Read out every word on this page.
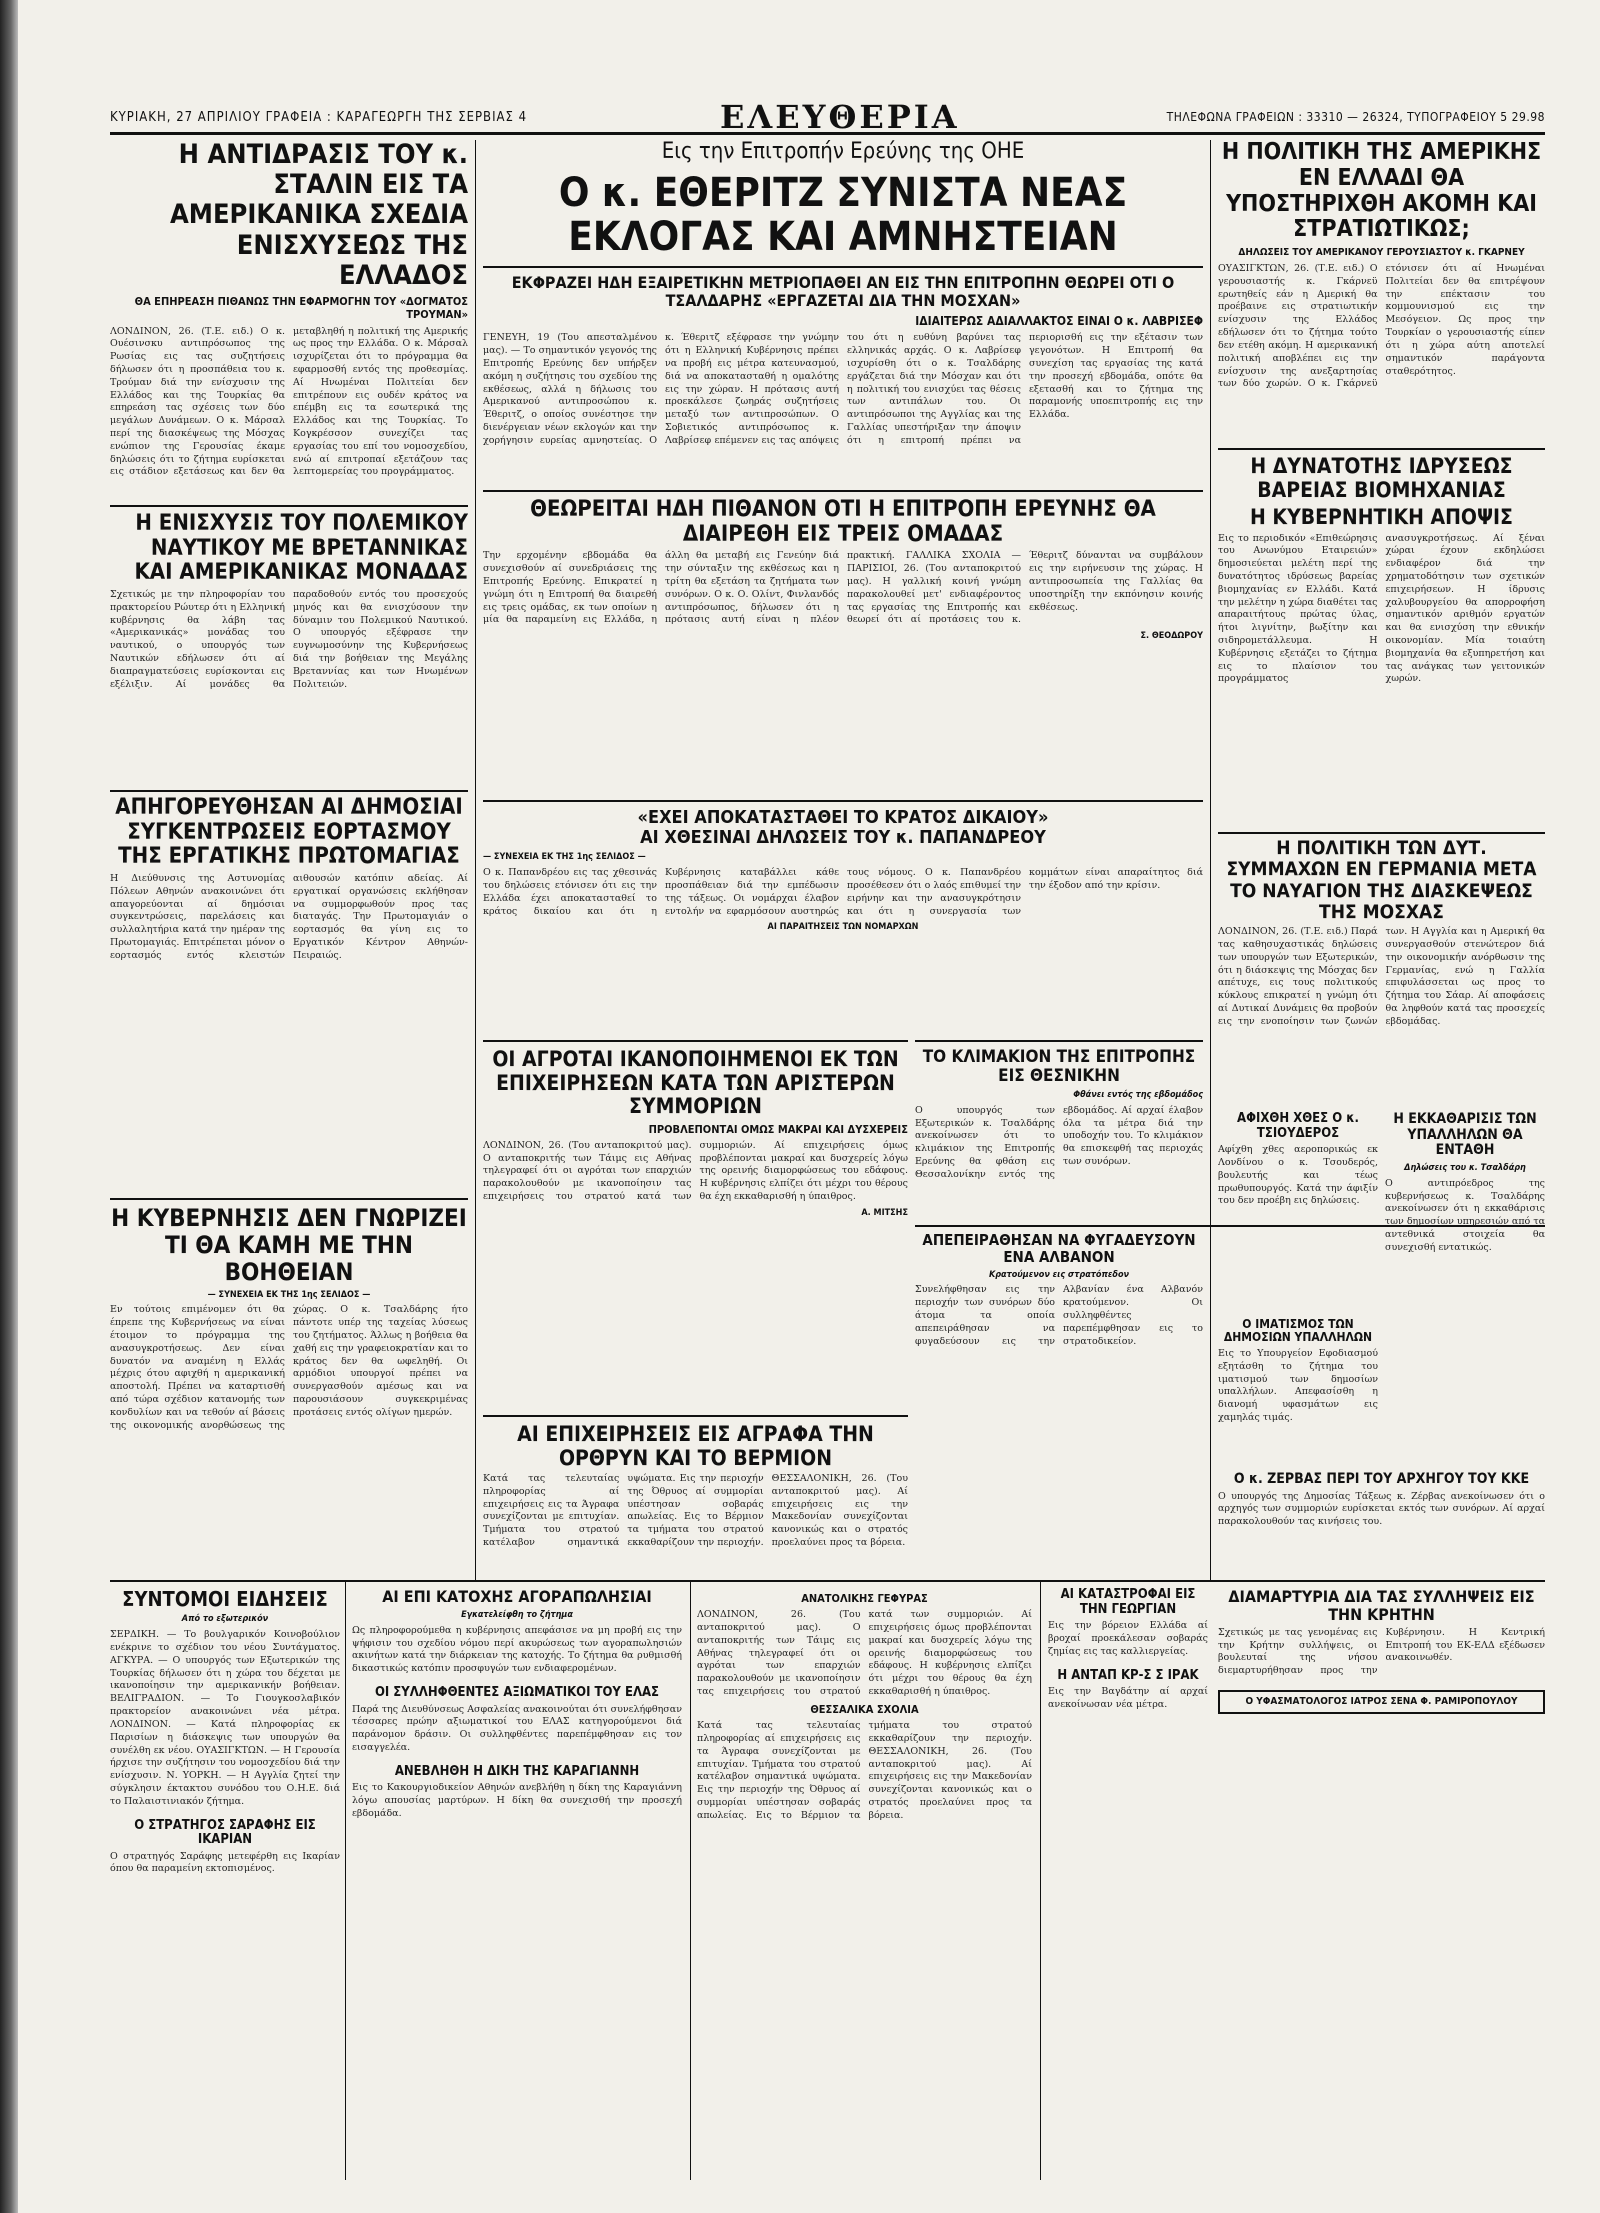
ΚΥΡΙΑΚΗ, 27 ΑΠΡΙΛΙΟΥ ΓΡΑΦΕΙΑ : ΚΑΡΑΓΕΩΡΓΗ ΤΗΣ ΣΕΡΒΙΑΣ 4	ΕΛΕΥΘΕΡΙΑ	ΤΗΛΕΦΩΝΑ ΓΡΑΦΕΙΩΝ : 33310 — 26324, ΤΥΠΟΓΡΑΦΕΙΟΥ 5 29.98

Η ΑΝΤΙΔΡΑΣΙΣ ΤΟΥ κ. ΣΤΑΛΙΝ ΕΙΣ ΤΑ ΑΜΕΡΙΚΑΝΙΚΑ ΣΧΕΔΙΑ ΕΝΙΣΧΥΣΕΩΣ ΤΗΣ ΕΛΛΑΔΟΣ

ΘΑ ΕΠΗΡΕΑΣΗ ΠΙΘΑΝΩΣ ΤΗΝ ΕΦΑΡΜΟΓΗΝ ΤΟΥ «ΔΟΓΜΑΤΟΣ ΤΡΟΥΜΑΝ»

ΛΟΝΔΙΝΟΝ, 26. (Τ.Ε. ειδ.) Ο κ. Ουέσινσκυ αντιπρόσωπος της Ρωσίας εις τας συζητήσεις δήλωσεν ότι η προσπάθεια του κ. Τρούμαν διά την ενίσχυσιν της Ελλάδος και της Τουρκίας θα επηρεάση τας σχέσεις των δύο μεγάλων Δυνάμεων. Ο κ. Μάρσαλ περί της διασκέψεως της Μόσχας ενώπιον της Γερουσίας έκαμε δηλώσεις ότι το ζήτημα ευρίσκεται εις στάδιον εξετάσεως και δεν θα μεταβληθή η πολιτική της Αμερικής ως προς την Ελλάδα. Ο κ. Μάρσαλ ισχυρίζεται ότι το πρόγραμμα θα εφαρμοσθή εντός της προθεσμίας. Αί Ηνωμέναι Πολιτείαι δεν επιτρέπουν εις ουδέν κράτος να επέμβη εις τα εσωτερικά της Ελλάδος και της Τουρκίας. Το Κογκρέσσον συνεχίζει τας εργασίας του επί του νομοσχεδίου, ενώ αί επιτροπαί εξετάζουν τας λεπτομερείας του προγράμματος.

Η ΕΝΙΣΧΥΣΙΣ ΤΟΥ ΠΟΛΕΜΙΚΟΥ ΝΑΥΤΙΚΟΥ ΜΕ ΒΡΕΤΑΝΝΙΚΑΣ ΚΑΙ ΑΜΕΡΙΚΑΝΙΚΑΣ ΜΟΝΑΔΑΣ

Σχετικώς με την πληροφορίαν του πρακτορείου Ρώυτερ ότι η Ελληνική κυβέρνησις θα λάβη τας «Αμερικανικάς» μονάδας του ναυτικού, ο υπουργός των Ναυτικών εδήλωσεν ότι αί διαπραγματεύσεις ευρίσκονται εις εξέλιξιν. Αί μονάδες θα παραδοθούν εντός του προσεχούς μηνός και θα ενισχύσουν την δύναμιν του Πολεμικού Ναυτικού. Ο υπουργός εξέφρασε την ευγνωμοσύνην της Κυβερνήσεως διά την βοήθειαν της Μεγάλης Βρεταννίας και των Ηνωμένων Πολιτειών.

ΑΠΗΓΟΡΕΥΘΗΣΑΝ ΑΙ ΔΗΜΟΣΙΑΙ ΣΥΓΚΕΝΤΡΩΣΕΙΣ ΕΟΡΤΑΣΜΟΥ ΤΗΣ ΕΡΓΑΤΙΚΗΣ ΠΡΩΤΟΜΑΓΙΑΣ

Η Διεύθυνσις της Αστυνομίας Πόλεων Αθηνών ανακοινώνει ότι απαγορεύονται αί δημόσιαι συγκεντρώσεις, παρελάσεις και συλλαλητήρια κατά την ημέραν της Πρωτομαγιάς. Επιτρέπεται μόνον ο εορτασμός εντός κλειστών αιθουσών κατόπιν αδείας. Αί εργατικαί οργανώσεις εκλήθησαν να συμμορφωθούν προς τας διαταγάς. Την Πρωτομαγιάν ο εορτασμός θα γίνη εις το Εργατικόν Κέντρον Αθηνών-Πειραιώς.

Η ΚΥΒΕΡΝΗΣΙΣ ΔΕΝ ΓΝΩΡΙΖΕΙ ΤΙ ΘΑ ΚΑΜΗ ΜΕ ΤΗΝ ΒΟΗΘΕΙΑΝ

— ΣΥΝΕΧΕΙΑ ΕΚ ΤΗΣ 1ης ΣΕΛΙΔΟΣ —

Εν τούτοις επιμένομεν ότι θα έπρεπε της Κυβερνήσεως να είναι έτοιμον το πρόγραμμα της ανασυγκροτήσεως. Δεν είναι δυνατόν να αναμένη η Ελλάς μέχρις ότου αφιχθή η αμερικανική αποστολή. Πρέπει να καταρτισθή από τώρα σχέδιον κατανομής των κονδυλίων και να τεθούν αί βάσεις της οικονομικής ανορθώσεως της χώρας. Ο κ. Τσαλδάρης ήτο πάντοτε υπέρ της ταχείας λύσεως του ζητήματος. Άλλως η βοήθεια θα χαθή εις την γραφειοκρατίαν και το κράτος δεν θα ωφεληθή. Οι αρμόδιοι υπουργοί πρέπει να συνεργασθούν αμέσως και να παρουσιάσουν συγκεκριμένας προτάσεις εντός ολίγων ημερών.

Εις την Επιτροπήν Ερεύνης της ΟΗΕ

Ο κ. ΕΘΕΡΙΤΖ ΣΥΝΙΣΤΑ ΝΕΑΣ ΕΚΛΟΓΑΣ ΚΑΙ ΑΜΝΗΣΤΕΙΑΝ

ΕΚΦΡΑΖΕΙ ΗΔΗ ΕΞΑΙΡΕΤΙΚΗΝ ΜΕΤΡΙΟΠΑΘΕΙ ΑΝ ΕΙΣ ΤΗΝ ΕΠΙΤΡΟΠΗΝ ΘΕΩΡΕΙ ΟΤΙ Ο ΤΣΑΛΔΑΡΗΣ «ΕΡΓΑΖΕΤΑΙ ΔΙΑ ΤΗΝ ΜΟΣΧΑΝ»

ΙΔΙΑΙΤΕΡΩΣ ΑΔΙΑΛΛΑΚΤΟΣ ΕΙΝΑΙ Ο κ. ΛΑΒΡΙΣΕΦ

ΓΕΝΕΥΗ, 19 (Του απεσταλμένου μας). — Το σημαντικόν γεγονός της Επιτροπής Ερεύνης δεν υπήρξεν ακόμη η συζήτησις του σχεδίου της εκθέσεως, αλλά η δήλωσις του Αμερικανού αντιπροσώπου κ. Έθεριτζ, ο οποίος συνέστησε την διενέργειαν νέων εκλογών και την χορήγησιν ευρείας αμνηστείας. Ο κ. Έθεριτζ εξέφρασε την γνώμην ότι η Ελληνική Κυβέρνησις πρέπει να προβή εις μέτρα κατευνασμού, διά να αποκατασταθή η ομαλότης εις την χώραν. Η πρότασις αυτή προεκάλεσε ζωηράς συζητήσεις μεταξύ των αντιπροσώπων. Ο Σοβιετικός αντιπρόσωπος κ. Λαβρίσεφ επέμενεν εις τας απόψεις του ότι η ευθύνη βαρύνει τας ελληνικάς αρχάς. Ο κ. Λαβρίσεφ ισχυρίσθη ότι ο κ. Τσαλδάρης εργάζεται διά την Μόσχαν και ότι η πολιτική του ενισχύει τας θέσεις των αντιπάλων του. Οι αντιπρόσωποι της Αγγλίας και της Γαλλίας υπεστήριξαν την άποψιν ότι η επιτροπή πρέπει να περιορισθή εις την εξέτασιν των γεγονότων. Η Επιτροπή θα συνεχίση τας εργασίας της κατά την προσεχή εβδομάδα, οπότε θα εξετασθή και το ζήτημα της παραμονής υποεπιτροπής εις την Ελλάδα.

ΘΕΩΡΕΙΤΑΙ ΗΔΗ ΠΙΘΑΝΟΝ ΟΤΙ Η ΕΠΙΤΡΟΠΗ ΕΡΕΥΝΗΣ ΘΑ ΔΙΑΙΡΕΘΗ ΕΙΣ ΤΡΕΙΣ ΟΜΑΔΑΣ

Την ερχομένην εβδομάδα θα συνεχισθούν αί συνεδριάσεις της Επιτροπής Ερεύνης. Επικρατεί η γνώμη ότι η Επιτροπή θα διαιρεθή εις τρεις ομάδας, εκ των οποίων η μία θα παραμείνη εις Ελλάδα, η άλλη θα μεταβή εις Γενεύην διά την σύνταξιν της εκθέσεως και η τρίτη θα εξετάση τα ζητήματα των συνόρων. Ο κ. Ο. Ολίντ, Φινλανδός αντιπρόσωπος, δήλωσεν ότι η πρότασις αυτή είναι η πλέον πρακτική. ΓΑΛΛΙΚΑ ΣΧΟΛΙΑ — ΠΑΡΙΣΙΟΙ, 26. (Του ανταποκριτού μας). Η γαλλική κοινή γνώμη παρακολουθεί μετ' ενδιαφέροντος τας εργασίας της Επιτροπής και θεωρεί ότι αί προτάσεις του κ. Έθεριτζ δύνανται να συμβάλουν εις την ειρήνευσιν της χώρας. Η αντιπροσωπεία της Γαλλίας θα υποστηρίξη την εκπόνησιν κοινής εκθέσεως.

Σ. ΘΕΟΔΩΡΟΥ

«ΕΧΕΙ ΑΠΟΚΑΤΑΣΤΑΘΕΙ ΤΟ ΚΡΑΤΟΣ ΔΙΚΑΙΟΥ»

ΑΙ ΧΘΕΣΙΝΑΙ ΔΗΛΩΣΕΙΣ ΤΟΥ κ. ΠΑΠΑΝΔΡΕΟΥ

— ΣΥΝΕΧΕΙΑ ΕΚ ΤΗΣ 1ης ΣΕΛΙΔΟΣ —

Ο κ. Παπανδρέου εις τας χθεσινάς του δηλώσεις ετόνισεν ότι εις την Ελλάδα έχει αποκατασταθεί το κράτος δικαίου και ότι η Κυβέρνησις καταβάλλει κάθε προσπάθειαν διά την εμπέδωσιν της τάξεως. Οι νομάρχαι έλαβον εντολήν να εφαρμόσουν αυστηρώς τους νόμους. Ο κ. Παπανδρέου προσέθεσεν ότι ο λαός επιθυμεί την ειρήνην και την ανασυγκρότησιν και ότι η συνεργασία των κομμάτων είναι απαραίτητος διά την έξοδον από την κρίσιν.

ΑΙ ΠΑΡΑΙΤΗΣΕΙΣ ΤΩΝ ΝΟΜΑΡΧΩΝ

ΟΙ ΑΓΡΟΤΑΙ ΙΚΑΝΟΠΟΙΗΜΕΝΟΙ ΕΚ ΤΩΝ ΕΠΙΧΕΙΡΗΣΕΩΝ ΚΑΤΑ ΤΩΝ ΑΡΙΣΤΕΡΩΝ ΣΥΜΜΟΡΙΩΝ

ΠΡΟΒΛΕΠΟΝΤΑΙ ΟΜΩΣ ΜΑΚΡΑΙ ΚΑΙ ΔΥΣΧΕΡΕΙΣ

ΛΟΝΔΙΝΟΝ, 26. (Του ανταποκριτού μας). Ο ανταποκριτής των Τάιμς εις Αθήνας τηλεγραφεί ότι οι αγρόται των επαρχιών παρακολουθούν με ικανοποίησιν τας επιχειρήσεις του στρατού κατά των συμμοριών. Αί επιχειρήσεις όμως προβλέπονται μακραί και δυσχερείς λόγω της ορεινής διαμορφώσεως του εδάφους. Η κυβέρνησις ελπίζει ότι μέχρι του θέρους θα έχη εκκαθαρισθή η ύπαιθρος.

Α. ΜΙΤΣΗΣ

ΤΟ ΚΛΙΜΑΚΙΟΝ ΤΗΣ ΕΠΙΤΡΟΠΗΣ ΕΙΣ ΘΕΣΝΙΚΗΝ

Φθάνει εντός της εβδομάδος

Ο υπουργός των Εξωτερικών κ. Τσαλδάρης ανεκοίνωσεν ότι το κλιμάκιον της Επιτροπής Ερεύνης θα φθάση εις Θεσσαλονίκην εντός της εβδομάδος. Αί αρχαί έλαβον όλα τα μέτρα διά την υποδοχήν του. Το κλιμάκιον θα επισκεφθή τας περιοχάς των συνόρων.

Η ΠΟΛΙΤΙΚΗ ΤΗΣ ΑΜΕΡΙΚΗΣ ΕΝ ΕΛΛΑΔΙ ΘΑ ΥΠΟΣΤΗΡΙΧΘΗ ΑΚΟΜΗ ΚΑΙ ΣΤΡΑΤΙΩΤΙΚΩΣ;

ΔΗΛΩΣΕΙΣ ΤΟΥ ΑΜΕΡΙΚΑΝΟΥ ΓΕΡΟΥΣΙΑΣΤΟΥ κ. ΓΚΑΡΝΕΥ

ΟΥΑΣΙΓΚΤΩΝ, 26. (Τ.Ε. ειδ.) Ο γερουσιαστής κ. Γκάρνεϋ ερωτηθείς εάν η Αμερική θα προέβαινε εις στρατιωτικήν ενίσχυσιν της Ελλάδος εδήλωσεν ότι το ζήτημα τούτο δεν ετέθη ακόμη. Η αμερικανική πολιτική αποβλέπει εις την ενίσχυσιν της ανεξαρτησίας των δύο χωρών. Ο κ. Γκάρνεϋ ετόνισεν ότι αί Ηνωμέναι Πολιτείαι δεν θα επιτρέψουν την επέκτασιν του κομμουνισμού εις την Μεσόγειον. Ως προς την Τουρκίαν ο γερουσιαστής είπεν ότι η χώρα αύτη αποτελεί σημαντικόν παράγοντα σταθερότητος.

Η ΔΥΝΑΤΟΤΗΣ ΙΔΡΥΣΕΩΣ ΒΑΡΕΙΑΣ ΒΙΟΜΗΧΑΝΙΑΣ

Η ΚΥΒΕΡΝΗΤΙΚΗ ΑΠΟΨΙΣ

Εις το περιοδικόν «Επιθεώρησις του Ανωνύμου Εταιρειών» δημοσιεύεται μελέτη περί της δυνατότητος ιδρύσεως βαρείας βιομηχανίας εν Ελλάδι. Κατά την μελέτην η χώρα διαθέτει τας απαραιτήτους πρώτας ύλας, ήτοι λιγνίτην, βωξίτην και σιδηρομετάλλευμα. Η Κυβέρνησις εξετάζει το ζήτημα εις το πλαίσιον του προγράμματος ανασυγκροτήσεως. Αί ξέναι χώραι έχουν εκδηλώσει ενδιαφέρον διά την χρηματοδότησιν των σχετικών επιχειρήσεων. Η ίδρυσις χαλυβουργείου θα απορροφήση σημαντικόν αριθμόν εργατών και θα ενισχύση την εθνικήν οικονομίαν. Μία τοιαύτη βιομηχανία θα εξυπηρετήση και τας ανάγκας των γειτονικών χωρών.

Η ΠΟΛΙΤΙΚΗ ΤΩΝ ΔΥΤ. ΣΥΜΜΑΧΩΝ ΕΝ ΓΕΡΜΑΝΙΑ ΜΕΤΑ ΤΟ ΝΑΥΑΓΙΟΝ ΤΗΣ ΔΙΑΣΚΕΨΕΩΣ ΤΗΣ ΜΟΣΧΑΣ

ΛΟΝΔΙΝΟΝ, 26. (Τ.Ε. ειδ.) Παρά τας καθησυχαστικάς δηλώσεις των υπουργών των Εξωτερικών, ότι η διάσκεψις της Μόσχας δεν απέτυχε, εις τους πολιτικούς κύκλους επικρατεί η γνώμη ότι αί Δυτικαί Δυνάμεις θα προβούν εις την ενοποίησιν των ζωνών των. Η Αγγλία και η Αμερική θα συνεργασθούν στενώτερον διά την οικονομικήν ανόρθωσιν της Γερμανίας, ενώ η Γαλλία επιφυλάσσεται ως προς το ζήτημα του Σάαρ. Αί αποφάσεις θα ληφθούν κατά τας προσεχείς εβδομάδας.

ΑΦΙΧΘΗ ΧΘΕΣ Ο κ. ΤΣΙΟΥΔΕΡΟΣ

Αφίχθη χθες αεροπορικώς εκ Λονδίνου ο κ. Τσουδερός, βουλευτής και τέως πρωθυπουργός. Κατά την άφιξίν του δεν προέβη εις δηλώσεις.

Η ΕΚΚΑΘΑΡΙΣΙΣ ΤΩΝ ΥΠΑΛΛΗΛΩΝ ΘΑ ΕΝΤΑΘΗ

Δηλώσεις του κ. Τσαλδάρη

Ο αντιπρόεδρος της κυβερνήσεως κ. Τσαλδάρης ανεκοίνωσεν ότι η εκκαθάρισις των δημοσίων υπηρεσιών από τα αντεθνικά στοιχεία θα συνεχισθή εντατικώς.

Ο ΙΜΑΤΙΣΜΟΣ ΤΩΝ ΔΗΜΟΣΙΩΝ ΥΠΑΛΛΗΛΩΝ

Εις το Υπουργείον Εφοδιασμού εξητάσθη το ζήτημα του ιματισμού των δημοσίων υπαλλήλων. Απεφασίσθη η διανομή υφασμάτων εις χαμηλάς τιμάς.

ΑΙ ΕΠΙΧΕΙΡΗΣΕΙΣ ΕΙΣ ΑΓΡΑΦΑ ΤΗΝ ΟΡΘΡΥΝ ΚΑΙ ΤΟ ΒΕΡΜΙΟΝ

Κατά τας τελευταίας πληροφορίας αί επιχειρήσεις εις τα Άγραφα συνεχίζονται με επιτυχίαν. Τμήματα του στρατού κατέλαβον σημαντικά υψώματα. Εις την περιοχήν της Όθρυος αί συμμορίαι υπέστησαν σοβαράς απωλείας. Εις το Βέρμιον τα τμήματα του στρατού εκκαθαρίζουν την περιοχήν. ΘΕΣΣΑΛΟΝΙΚΗ, 26. (Του ανταποκριτού μας). Αί επιχειρήσεις εις την Μακεδονίαν συνεχίζονται κανονικώς και ο στρατός προελαύνει προς τα βόρεια.

ΑΠΕΠΕΙΡΑΘΗΣΑΝ ΝΑ ΦΥΓΑΔΕΥΣΟΥΝ ΕΝΑ ΑΛΒΑΝΟΝ

Κρατούμενον εις στρατόπεδον

Συνελήφθησαν εις την περιοχήν των συνόρων δύο άτομα τα οποία απεπειράθησαν να φυγαδεύσουν εις την Αλβανίαν ένα Αλβανόν κρατούμενον. Οι συλληφθέντες παρεπέμφθησαν εις το στρατοδικείον.

Ο κ. ΖΕΡΒΑΣ ΠΕΡΙ ΤΟΥ ΑΡΧΗΓΟΥ ΤΟΥ ΚΚΕ

Ο υπουργός της Δημοσίας Τάξεως κ. Ζέρβας ανεκοίνωσεν ότι ο αρχηγός των συμμοριών ευρίσκεται εκτός των συνόρων. Αί αρχαί παρακολουθούν τας κινήσεις του.

ΣΥΝΤΟΜΟΙ ΕΙΔΗΣΕΙΣ

Από το εξωτερικόν

ΣΕΡΔΙΚΗ. — Το βουλγαρικόν Κοινοβούλιον ενέκρινε το σχέδιον του νέου Συντάγματος. ΑΓΚΥΡΑ. — Ο υπουργός των Εξωτερικών της Τουρκίας δήλωσεν ότι η χώρα του δέχεται με ικανοποίησιν την αμερικανικήν βοήθειαν. ΒΕΛΙΓΡΑΔΙΟΝ. — Το Γιουγκοσλαβικόν πρακτορείον ανακοινώνει νέα μέτρα. ΛΟΝΔΙΝΟΝ. — Κατά πληροφορίας εκ Παρισίων η διάσκεψις των υπουργών θα συνέλθη εκ νέου. ΟΥΑΣΙΓΚΤΩΝ. — Η Γερουσία ήρχισε την συζήτησιν του νομοσχεδίου διά την ενίσχυσιν. Ν. ΥΟΡΚΗ. — Η Αγγλία ζητεί την σύγκλησιν έκτακτου συνόδου του Ο.Η.Ε. διά το Παλαιστινιακόν ζήτημα.

Ο ΣΤΡΑΤΗΓΟΣ ΣΑΡΑΦΗΣ ΕΙΣ ΙΚΑΡΙΑΝ

Ο στρατηγός Σαράφης μετεφέρθη εις Ικαρίαν όπου θα παραμείνη εκτοπισμένος.

ΑΙ ΕΠΙ ΚΑΤΟΧΗΣ ΑΓΟΡΑΠΩΛΗΣΙΑΙ

Εγκατελείφθη το ζήτημα

Ως πληροφορούμεθα η κυβέρνησις απεφάσισε να μη προβή εις την ψήφισιν του σχεδίου νόμου περί ακυρώσεως των αγοραπωλησιών ακινήτων κατά την διάρκειαν της κατοχής. Το ζήτημα θα ρυθμισθή δικαστικώς κατόπιν προσφυγών των ενδιαφερομένων.

ΟΙ ΣΥΛΛΗΦΘΕΝΤΕΣ ΑΞΙΩΜΑΤΙΚΟΙ ΤΟΥ ΕΛΑΣ

Παρά της Διευθύνσεως Ασφαλείας ανακοινούται ότι συνελήφθησαν τέσσαρες πρώην αξιωματικοί του ΕΛΑΣ κατηγορούμενοι διά παράνομον δράσιν. Οι συλληφθέντες παρεπέμφθησαν εις τον εισαγγελέα.

ΑΝΕΒΛΗΘΗ Η ΔΙΚΗ ΤΗΣ ΚΑΡΑΓΙΑΝΝΗ

Εις το Κακουργιοδικείον Αθηνών ανεβλήθη η δίκη της Καραγιάννη λόγω απουσίας μαρτύρων. Η δίκη θα συνεχισθή την προσεχή εβδομάδα.

ΑΝΑΤΟΛΙΚΗΣ ΓΕΦΥΡΑΣ

ΛΟΝΔΙΝΟΝ, 26. (Του ανταποκριτού μας). Ο ανταποκριτής των Τάιμς εις Αθήνας τηλεγραφεί ότι οι αγρόται των επαρχιών παρακολουθούν με ικανοποίησιν τας επιχειρήσεις του στρατού κατά των συμμοριών. Αί επιχειρήσεις όμως προβλέπονται μακραί και δυσχερείς λόγω της ορεινής διαμορφώσεως του εδάφους. Η κυβέρνησις ελπίζει ότι μέχρι του θέρους θα έχη εκκαθαρισθή η ύπαιθρος.

ΘΕΣΣΑΛΙΚΑ ΣΧΟΛΙΑ

Κατά τας τελευταίας πληροφορίας αί επιχειρήσεις εις τα Άγραφα συνεχίζονται με επιτυχίαν. Τμήματα του στρατού κατέλαβον σημαντικά υψώματα. Εις την περιοχήν της Όθρυος αί συμμορίαι υπέστησαν σοβαράς απωλείας. Εις το Βέρμιον τα τμήματα του στρατού εκκαθαρίζουν την περιοχήν. ΘΕΣΣΑΛΟΝΙΚΗ, 26. (Του ανταποκριτού μας). Αί επιχειρήσεις εις την Μακεδονίαν συνεχίζονται κανονικώς και ο στρατός προελαύνει προς τα βόρεια.

ΑΙ ΚΑΤΑΣΤΡΟΦΑΙ ΕΙΣ ΤΗΝ ΓΕΩΡΓΙΑΝ

Εις την βόρειον Ελλάδα αί βροχαί προεκάλεσαν σοβαράς ζημίας εις τας καλλιεργείας.

Η ΑΝΤΑΠ ΚΡ-Σ Σ ΙΡΑΚ

Εις την Βαγδάτην αί αρχαί ανεκοίνωσαν νέα μέτρα.

ΔΙΑΜΑΡΤΥΡΙΑ ΔΙΑ ΤΑΣ ΣΥΛΛΗΨΕΙΣ ΕΙΣ ΤΗΝ ΚΡΗΤΗΝ

Σχετικώς με τας γενομένας εις την Κρήτην συλλήψεις, οι βουλευταί της νήσου διεμαρτυρήθησαν προς την Κυβέρνησιν. Η Κεντρική Επιτροπή του ΕΚ-ΕΛΔ εξέδωσεν ανακοινωθέν.

Ο ΥΦΑΣΜΑΤΟΛΟΓΟΣ ΙΑΤΡΟΣ ΣΕΝΑ Φ. ΡΑΜΙΡΟΠΟΥΛΟΥ
